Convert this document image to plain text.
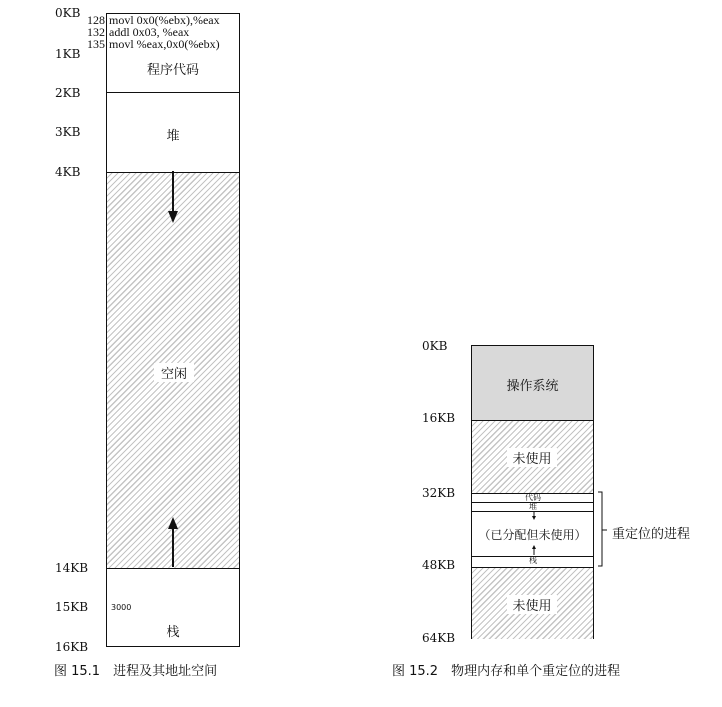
0KB
1KB
2KB
3KB
4KB
14KB
15KB
16KB
程序代码
堆
空闲
3000
栈
128
132
135
movl 0x0(%ebx),%eax
addl 0x03, %eax
movl %eax,0x0(%ebx)
图 15.1　进程及其地址空间
0KB
16KB
32KB
48KB
64KB
操作系统
未使用
代码
堆
（已分配但未使用）
栈
未使用
重定位的进程
图 15.2　物理内存和单个重定位的进程
